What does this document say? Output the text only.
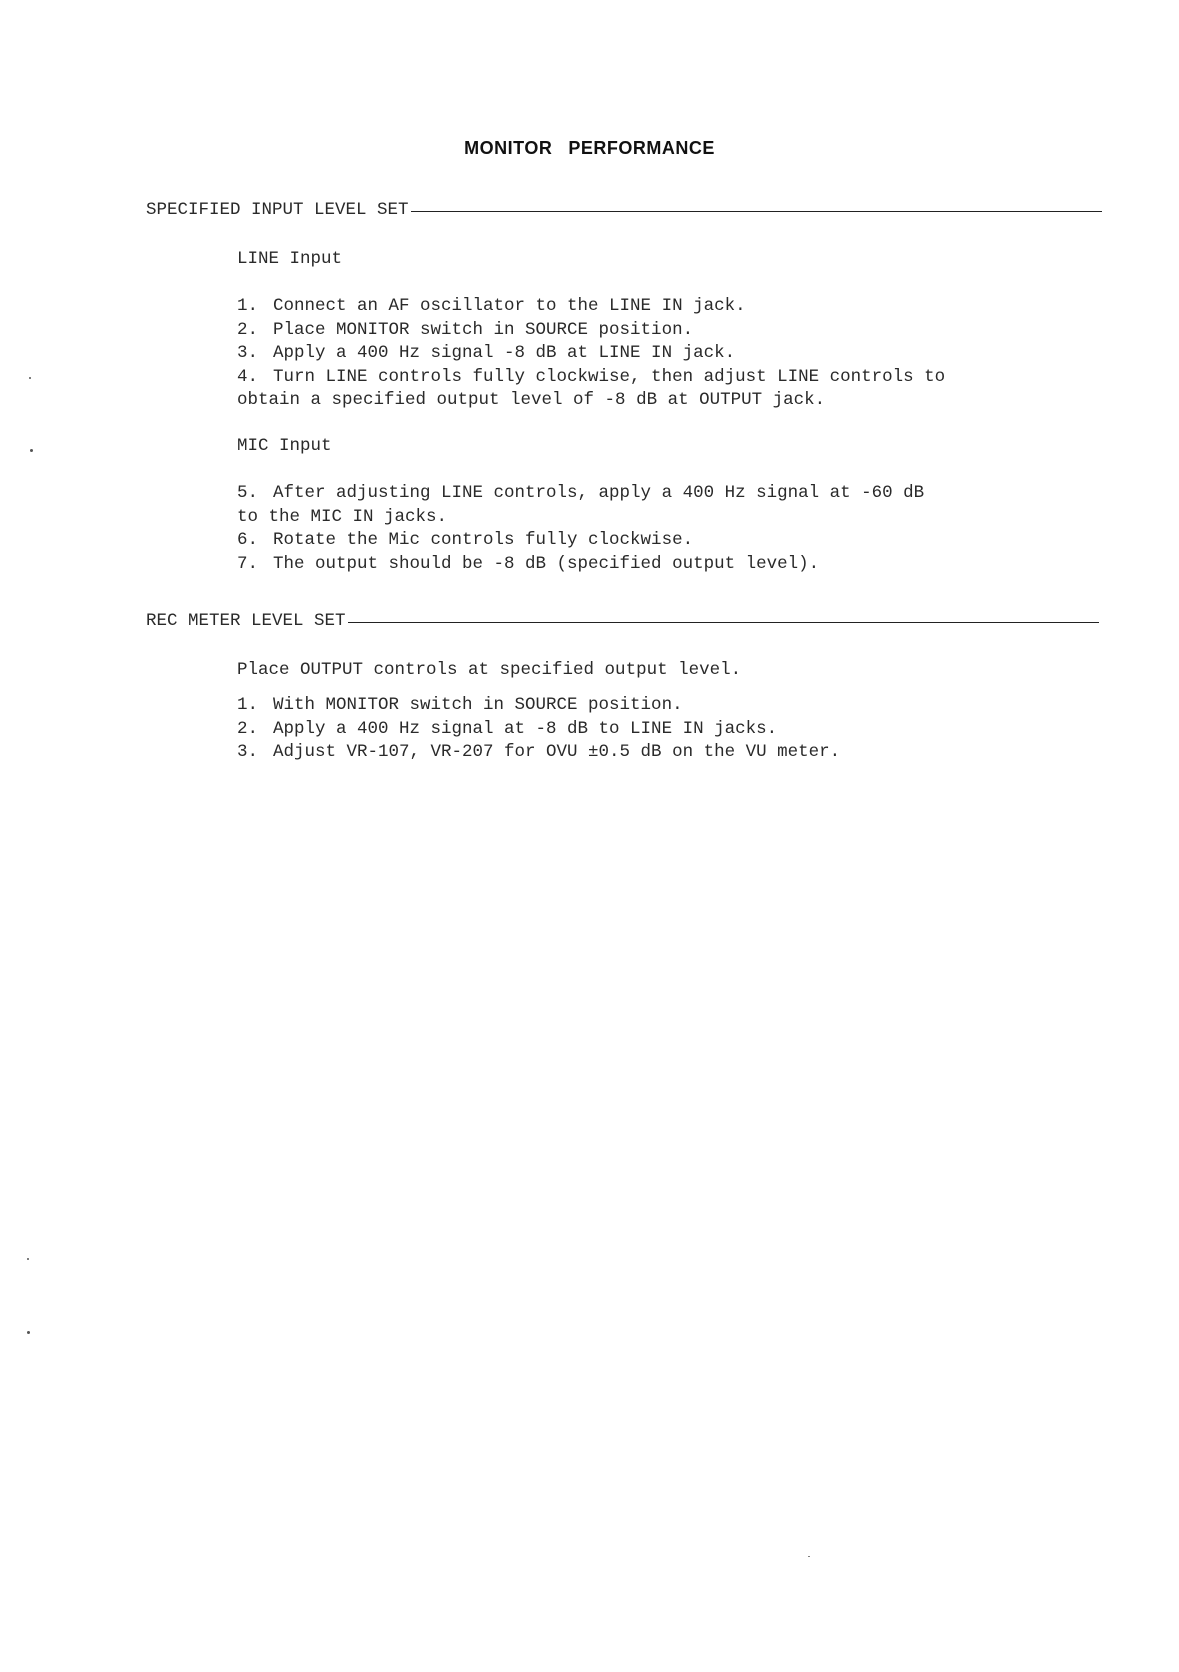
MONITOR PERFORMANCE
SPECIFIED INPUT LEVEL SET
LINE Input
1. Connect an AF oscillator to the LINE IN jack.
2. Place MONITOR switch in SOURCE position.
3. Apply a 400 Hz signal -8 dB at LINE IN jack.
4. Turn LINE controls fully clockwise, then adjust LINE controls to
obtain a specified output level of -8 dB at OUTPUT jack.
MIC Input
5. After adjusting LINE controls, apply a 400 Hz signal at -60 dB
to the MIC IN jacks.
6. Rotate the Mic controls fully clockwise.
7. The output should be -8 dB (specified output level).
REC METER LEVEL SET
Place OUTPUT controls at specified output level.
1. With MONITOR switch in SOURCE position.
2. Apply a 400 Hz signal at -8 dB to LINE IN jacks.
3. Adjust VR-107, VR-207 for OVU ±0.5 dB on the VU meter.
